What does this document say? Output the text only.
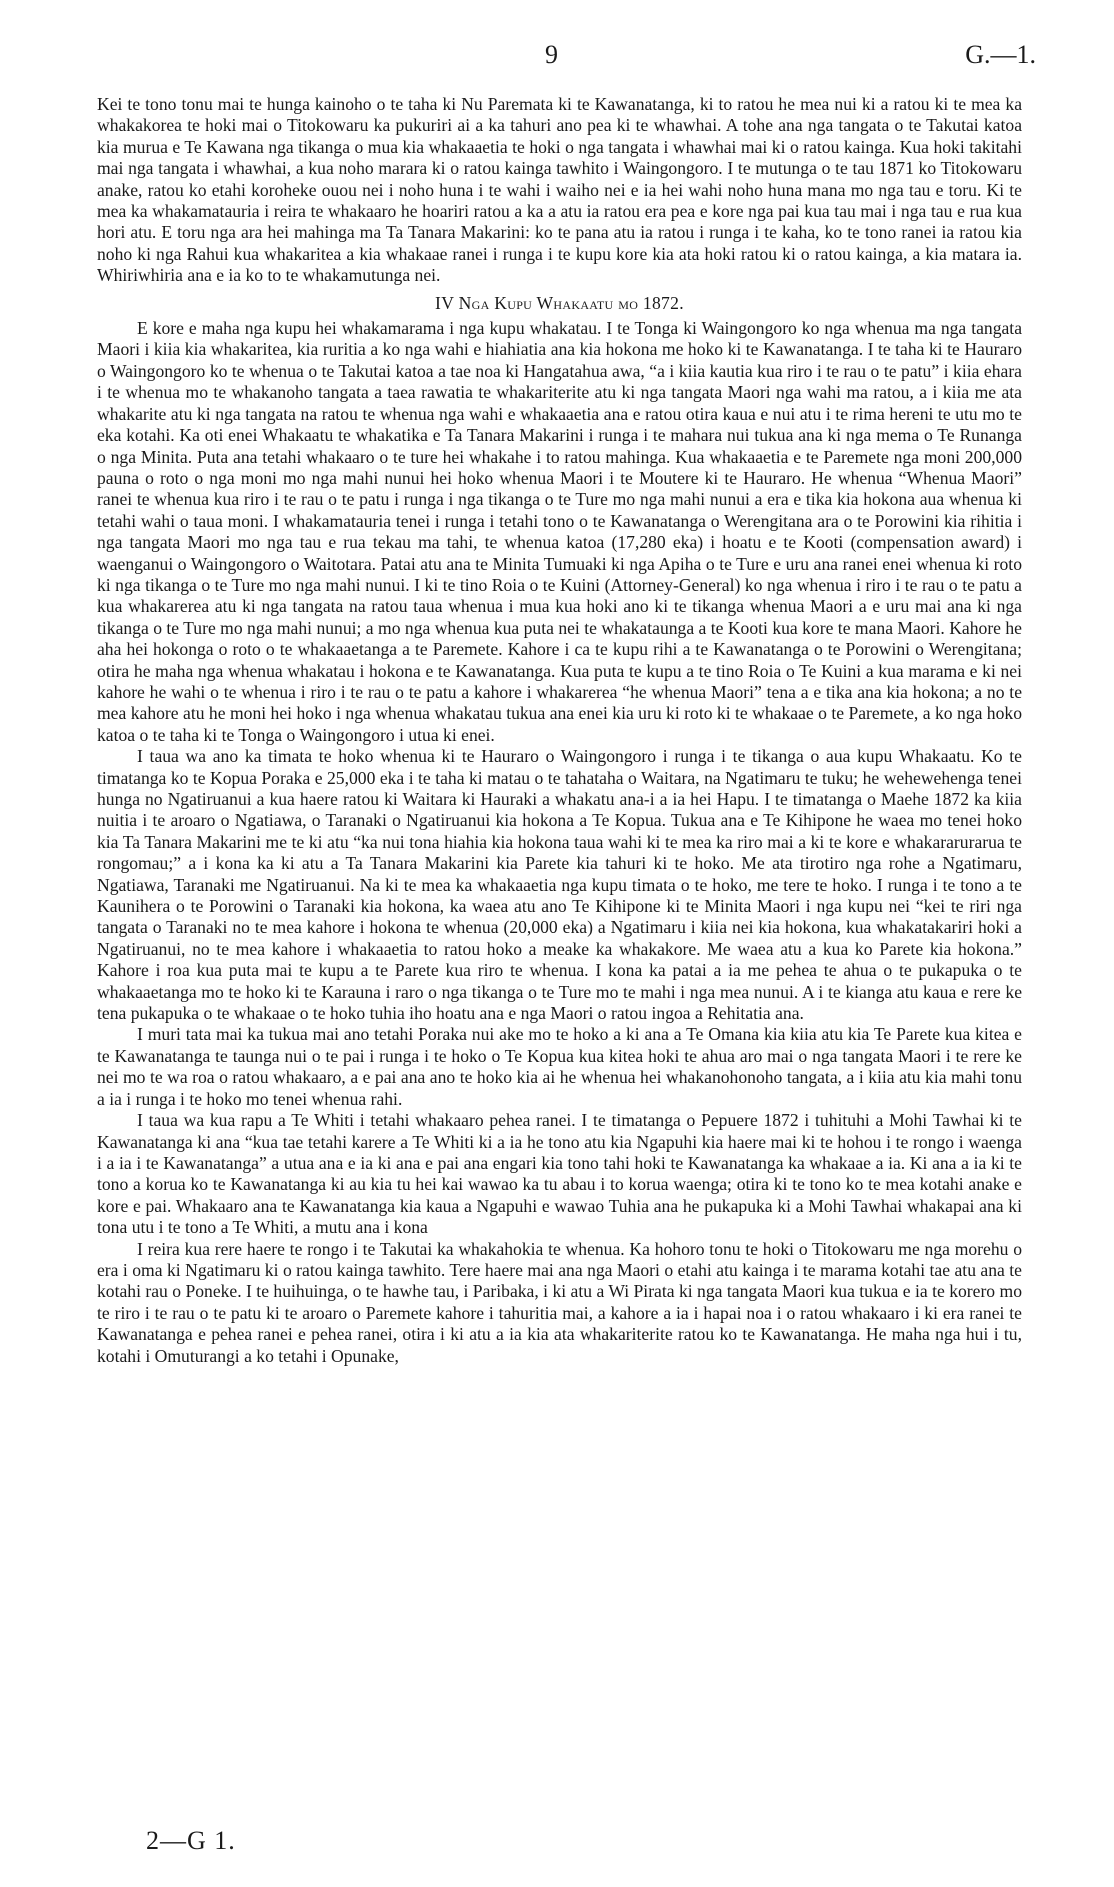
9	G.—1.

Kei te tono tonu mai te hunga kainoho o te taha ki Nu Paremata ki te Kawanatanga, ki to ratou he mea nui ki a ratou ki te mea ka whakakorea te hoki mai o Titokowaru ka pukuriri ai a ka tahuri ano pea ki te whawhai. A tohe ana nga tangata o te Takutai katoa kia murua e Te Kawana nga tikanga o mua kia whakaaetia te hoki o nga tangata i whawhai mai ki o ratou kainga. Kua hoki takitahi mai nga tangata i whawhai, a kua noho marara ki o ratou kainga tawhito i Waingongoro. I te mutunga o te tau 1871 ko Titokowaru anake, ratou ko etahi koroheke ouou nei i noho huna i te wahi i waiho nei e ia hei wahi noho huna mana mo nga tau e toru. Ki te mea ka whakamatauria i reira te whakaaro he hoariri ratou a ka a atu ia ratou era pea e kore nga pai kua tau mai i nga tau e rua kua hori atu. E toru nga ara hei mahinga ma Ta Tanara Makarini: ko te pana atu ia ratou i runga i te kaha, ko te tono ranei ia ratou kia noho ki nga Rahui kua whakaritea a kia whakaae ranei i runga i te kupu kore kia ata hoki ratou ki o ratou kainga, a kia matara ia. Whiriwhiria ana e ia ko to te whakamutunga nei.

IV Nga Kupu Whakaatu mo 1872.

E kore e maha nga kupu hei whakamarama i nga kupu whakatau. I te Tonga ki Waingongoro ko nga whenua ma nga tangata Maori i kiia kia whakaritea, kia ruritia a ko nga wahi e hiahiatia ana kia hokona me hoko ki te Kawanatanga. I te taha ki te Hauraro o Waingongoro ko te whenua o te Takutai katoa a tae noa ki Hangatahua awa, “a i kiia kautia kua riro i te rau o te patu” i kiia ehara i te whenua mo te whakanoho tangata a taea rawatia te whakariterite atu ki nga tangata Maori nga wahi ma ratou, a i kiia me ata whakarite atu ki nga tangata na ratou te whenua nga wahi e whakaaetia ana e ratou otira kaua e nui atu i te rima hereni te utu mo te eka kotahi. Ka oti enei Whakaatu te whakatika e Ta Tanara Makarini i runga i te mahara nui tukua ana ki nga mema o Te Runanga o nga Minita. Puta ana tetahi whakaaro o te ture hei whakahe i to ratou mahinga. Kua whakaaetia e te Paremete nga moni 200,000 pauna o roto o nga moni mo nga mahi nunui hei hoko whenua Maori i te Moutere ki te Hauraro. He whenua “Whenua Maori” ranei te whenua kua riro i te rau o te patu i runga i nga tikanga o te Ture mo nga mahi nunui a era e tika kia hokona aua whenua ki tetahi wahi o taua moni. I whakamatauria tenei i runga i tetahi tono o te Kawanatanga o Werengitana ara o te Porowini kia rihitia i nga tangata Maori mo nga tau e rua tekau ma tahi, te whenua katoa (17,280 eka) i hoatu e te Kooti (compensation award) i waenganui o Waingongoro o Waitotara. Patai atu ana te Minita Tumuaki ki nga Apiha o te Ture e uru ana ranei enei whenua ki roto ki nga tikanga o te Ture mo nga mahi nunui. I ki te tino Roia o te Kuini (Attorney-General) ko nga whenua i riro i te rau o te patu a kua whakarerea atu ki nga tangata na ratou taua whenua i mua kua hoki ano ki te tikanga whenua Maori a e uru mai ana ki nga tikanga o te Ture mo nga mahi nunui; a mo nga whenua kua puta nei te whakataunga a te Kooti kua kore te mana Maori. Kahore he aha hei hokonga o roto o te whakaaetanga a te Paremete. Kahore i ca te kupu rihi a te Kawanatanga o te Porowini o Werengitana; otira he maha nga whenua whakatau i hokona e te Kawanatanga. Kua puta te kupu a te tino Roia o Te Kuini a kua marama e ki nei kahore he wahi o te whenua i riro i te rau o te patu a kahore i whakarerea “he whenua Maori” tena a e tika ana kia hokona; a no te mea kahore atu he moni hei hoko i nga whenua whakatau tukua ana enei kia uru ki roto ki te whakaae o te Paremete, a ko nga hoko katoa o te taha ki te Tonga o Waingongoro i utua ki enei.

I taua wa ano ka timata te hoko whenua ki te Hauraro o Waingongoro i runga i te tikanga o aua kupu Whakaatu. Ko te timatanga ko te Kopua Poraka e 25,000 eka i te taha ki matau o te tahataha o Waitara, na Ngatimaru te tuku; he wehewehenga tenei hunga no Ngatiruanui a kua haere ratou ki Waitara ki Hauraki a whakatu ana-i a ia hei Hapu. I te timatanga o Maehe 1872 ka kiia nuitia i te aroaro o Ngatiawa, o Taranaki o Ngatiruanui kia hokona a Te Kopua. Tukua ana e Te Kihipone he waea mo tenei hoko kia Ta Tanara Makarini me te ki atu “ka nui tona hiahia kia hokona taua wahi ki te mea ka riro mai a ki te kore e whakararurarua te rongomau;” a i kona ka ki atu a Ta Tanara Makarini kia Parete kia tahuri ki te hoko. Me ata tirotiro nga rohe a Ngatimaru, Ngatiawa, Taranaki me Ngatiruanui. Na ki te mea ka whakaaetia nga kupu timata o te hoko, me tere te hoko. I runga i te tono a te Kaunihera o te Porowini o Taranaki kia hokona, ka waea atu ano Te Kihipone ki te Minita Maori i nga kupu nei “kei te riri nga tangata o Taranaki no te mea kahore i hokona te whenua (20,000 eka) a Ngatimaru i kiia nei kia hokona, kua whakatakariri hoki a Ngatiruanui, no te mea kahore i whakaaetia to ratou hoko a meake ka whakakore. Me waea atu a kua ko Parete kia hokona.” Kahore i roa kua puta mai te kupu a te Parete kua riro te whenua. I kona ka patai a ia me pehea te ahua o te pukapuka o te whakaaetanga mo te hoko ki te Karauna i raro o nga tikanga o te Ture mo te mahi i nga mea nunui. A i te kianga atu kaua e rere ke tena pukapuka o te whakaae o te hoko tuhia iho hoatu ana e nga Maori o ratou ingoa a Rehitatia ana.

I muri tata mai ka tukua mai ano tetahi Poraka nui ake mo te hoko a ki ana a Te Omana kia kiia atu kia Te Parete kua kitea e te Kawanatanga te taunga nui o te pai i runga i te hoko o Te Kopua kua kitea hoki te ahua aro mai o nga tangata Maori i te rere ke nei mo te wa roa o ratou whakaaro, a e pai ana ano te hoko kia ai he whenua hei whakanohonoho tangata, a i kiia atu kia mahi tonu a ia i runga i te hoko mo tenei whenua rahi.

I taua wa kua rapu a Te Whiti i tetahi whakaaro pehea ranei. I te timatanga o Pepuere 1872 i tuhituhi a Mohi Tawhai ki te Kawanatanga ki ana “kua tae tetahi karere a Te Whiti ki a ia he tono atu kia Ngapuhi kia haere mai ki te hohou i te rongo i waenga i a ia i te Kawanatanga” a utua ana e ia ki ana e pai ana engari kia tono tahi hoki te Kawanatanga ka whakaae a ia. Ki ana a ia ki te tono a korua ko te Kawanatanga ki au kia tu hei kai wawao ka tu abau i to korua waenga; otira ki te tono ko te mea kotahi anake e kore e pai. Whakaaro ana te Kawanatanga kia kaua a Ngapuhi e wawao Tuhia ana he pukapuka ki a Mohi Tawhai whakapai ana ki tona utu i te tono a Te Whiti, a mutu ana i kona

I reira kua rere haere te rongo i te Takutai ka whakahokia te whenua. Ka hohoro tonu te hoki o Titokowaru me nga morehu o era i oma ki Ngatimaru ki o ratou kainga tawhito. Tere haere mai ana nga Maori o etahi atu kainga i te marama kotahi tae atu ana te kotahi rau o Poneke. I te huihuinga, o te hawhe tau, i Paribaka, i ki atu a Wi Pirata ki nga tangata Maori kua tukua e ia te korero mo te riro i te rau o te patu ki te aroaro o Paremete kahore i tahuritia mai, a kahore a ia i hapai noa i o ratou whakaaro i ki era ranei te Kawanatanga e pehea ranei e pehea ranei, otira i ki atu a ia kia ata whakariterite ratou ko te Kawanatanga. He maha nga hui i tu, kotahi i Omuturangi a ko tetahi i Opunake,

2—G 1.
